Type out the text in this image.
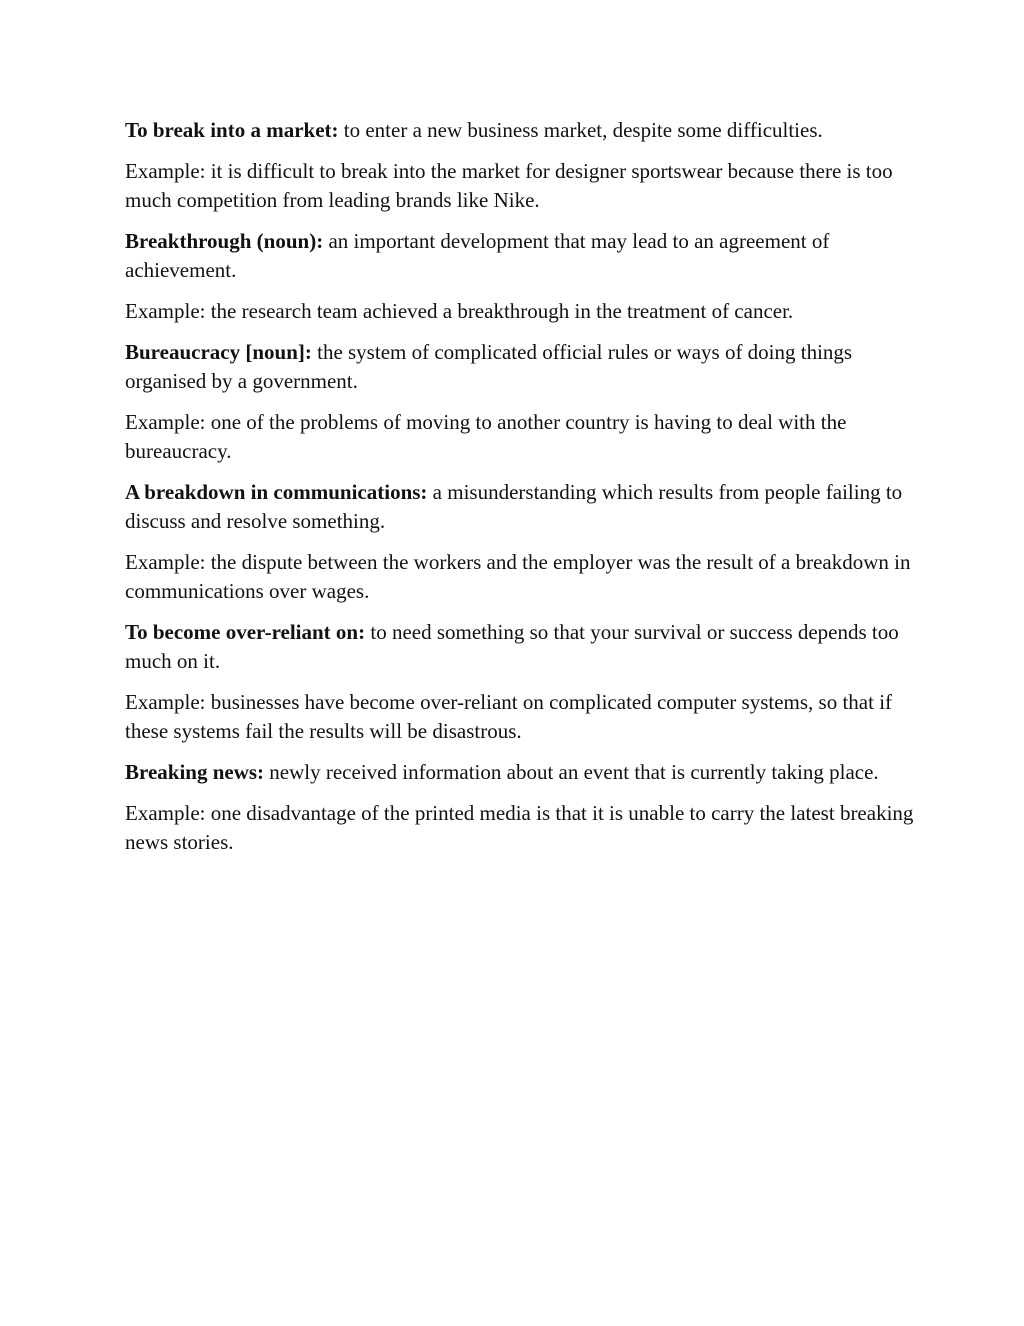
To break into a market: to enter a new business market, despite some difficulties.

Example: it is difficult to break into the market for designer sportswear because there is too much competition from leading brands like Nike.

Breakthrough (noun): an important development that may lead to an agreement of achievement.

Example: the research team achieved a breakthrough in the treatment of cancer.

Bureaucracy [noun]: the system of complicated official rules or ways of doing things organised by a government.

Example: one of the problems of moving to another country is having to deal with the bureaucracy.

A breakdown in communications: a misunderstanding which results from people failing to discuss and resolve something.

Example: the dispute between the workers and the employer was the result of a breakdown in communications over wages.

To become over-reliant on: to need something so that your survival or success depends too much on it.

Example: businesses have become over-reliant on complicated computer systems, so that if these systems fail the results will be disastrous.

Breaking news: newly received information about an event that is currently taking place.

Example: one disadvantage of the printed media is that it is unable to carry the latest breaking news stories.
